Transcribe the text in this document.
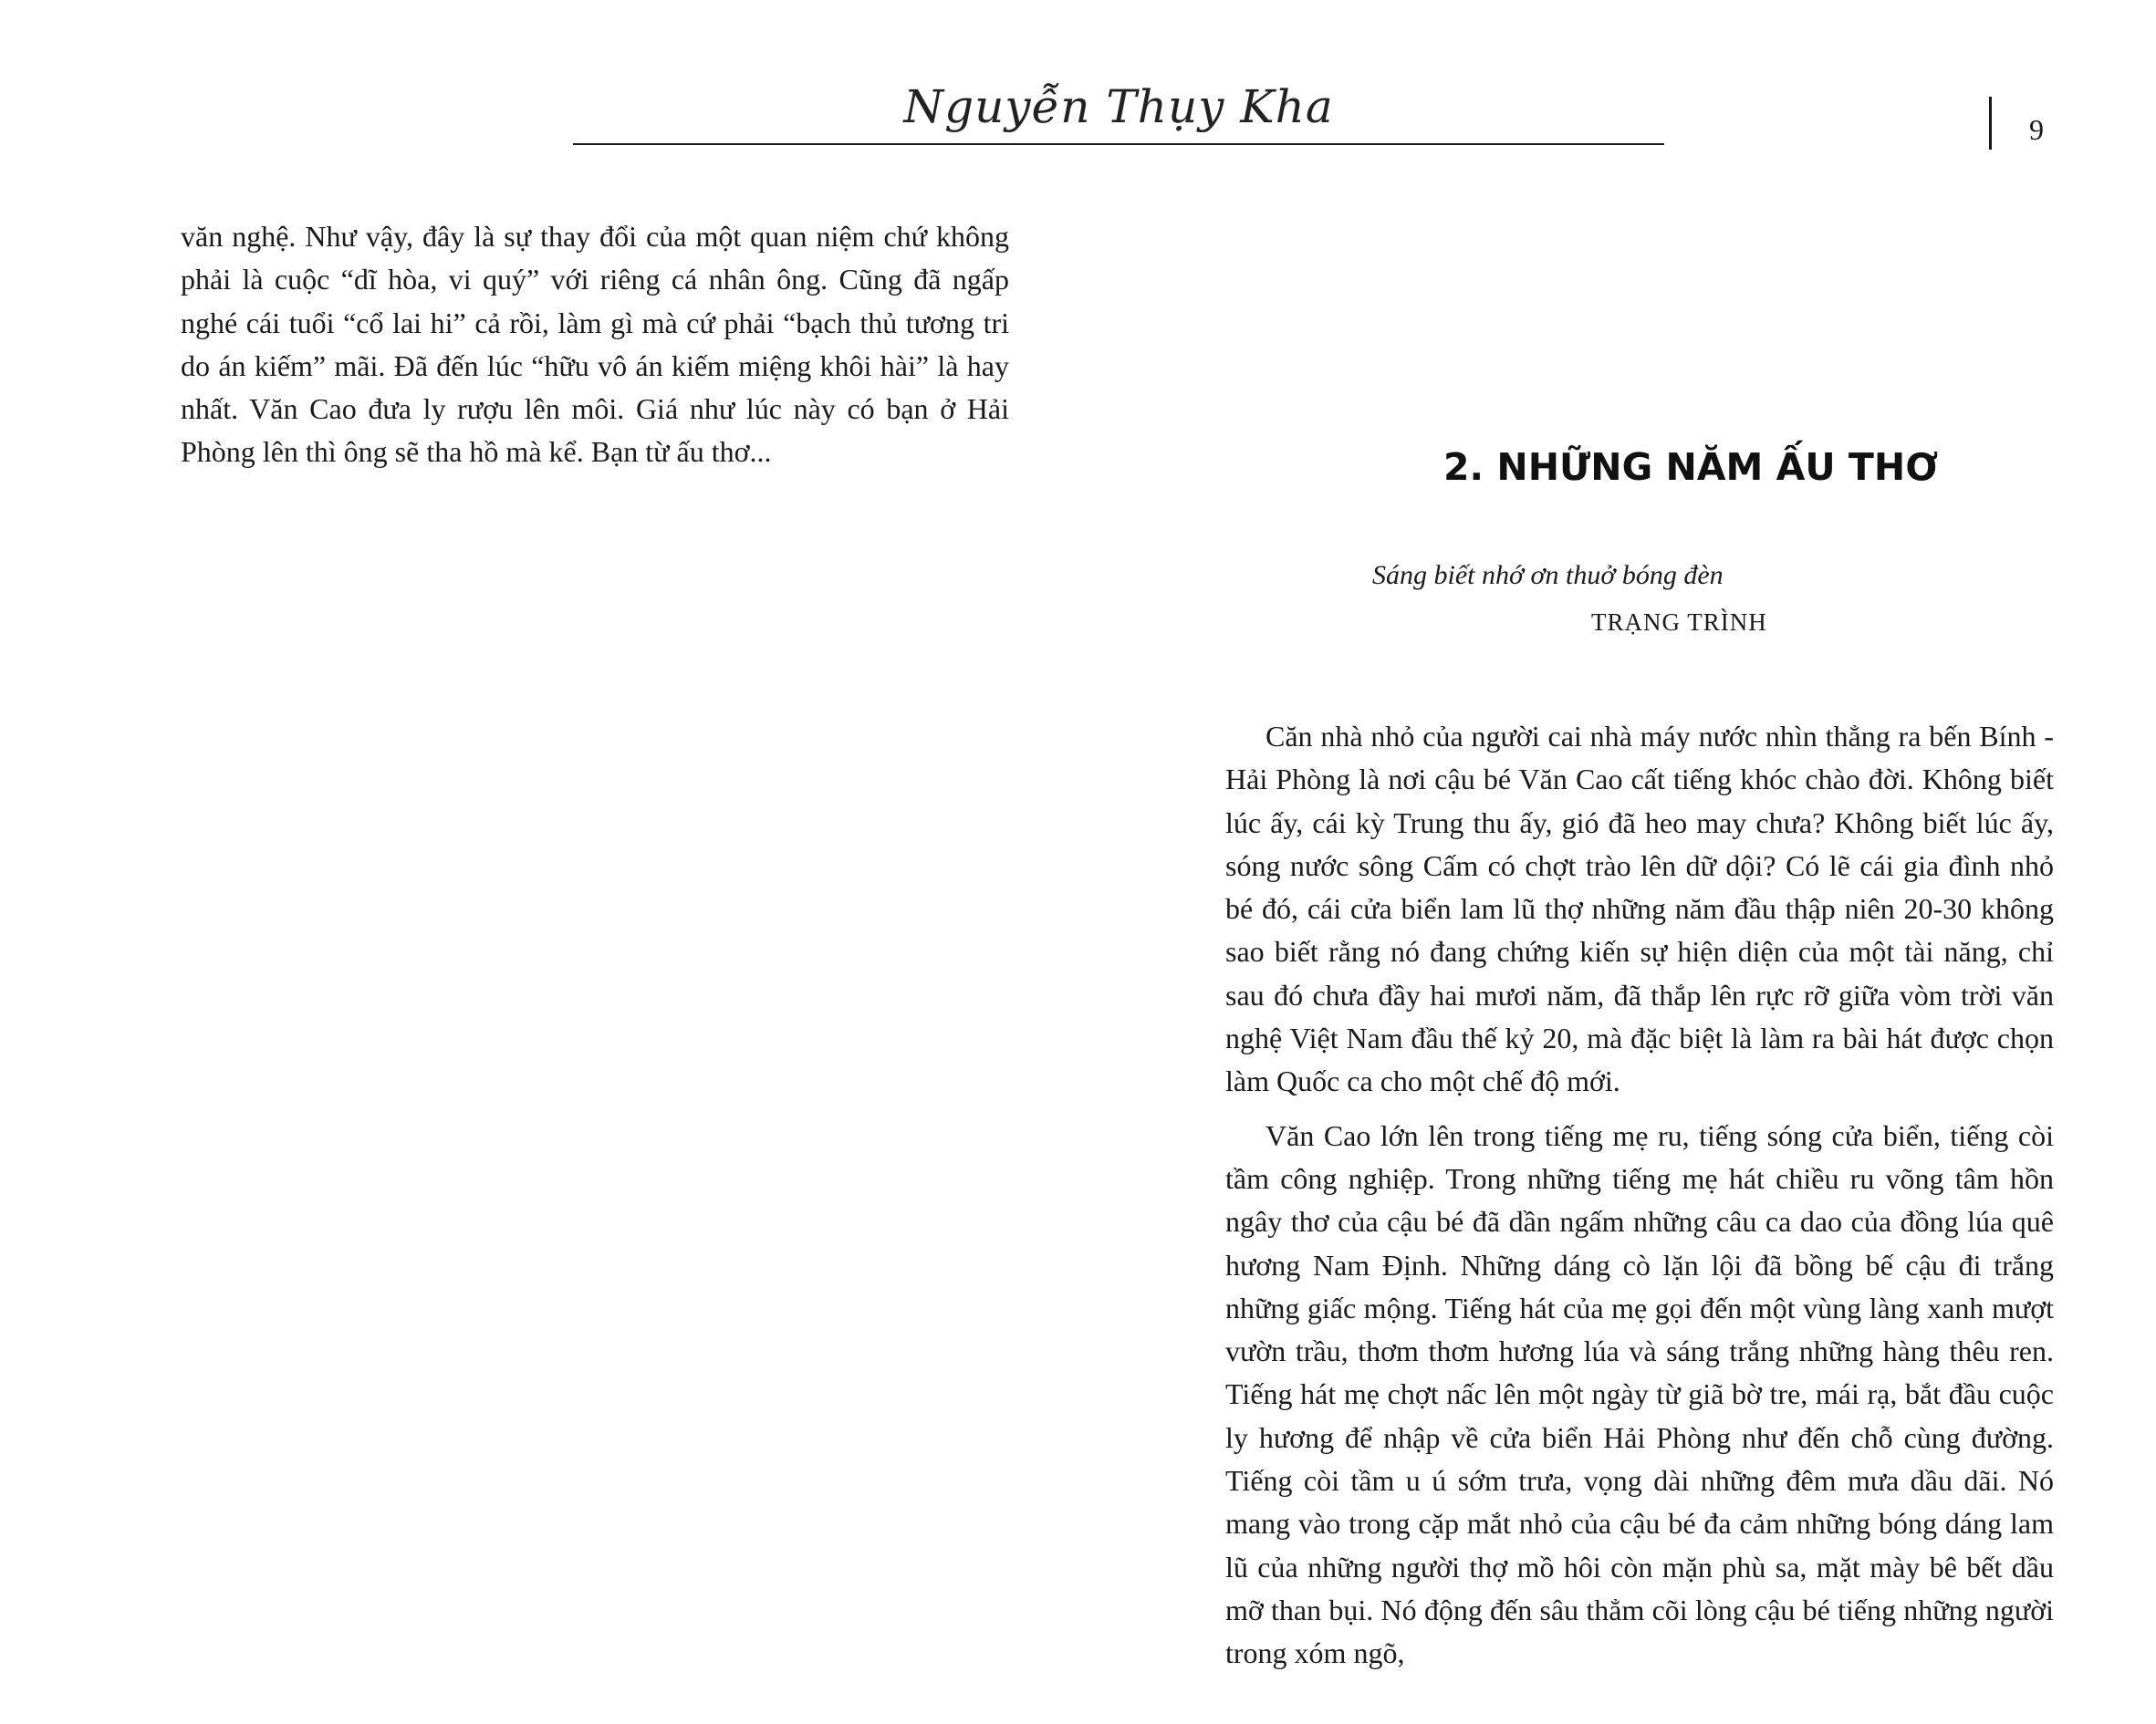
Nguyễn Thụy Kha	9

văn nghệ. Như vậy, đây là sự thay đổi của một quan niệm chứ không phải là cuộc “dĩ hòa, vi quý” với riêng cá nhân ông. Cũng đã ngấp nghé cái tuổi “cổ lai hi” cả rồi, làm gì mà cứ phải “bạch thủ tương tri do án kiếm” mãi. Đã đến lúc “hữu vô án kiếm miệng khôi hài” là hay nhất. Văn Cao đưa ly rượu lên môi. Giá như lúc này có bạn ở Hải Phòng lên thì ông sẽ tha hồ mà kể. Bạn từ ấu thơ...	2. NHỮNG NĂM ẤU THƠ
Sáng biết nhớ ơn thuở bóng đèn
TRẠNG TRÌNH

Căn nhà nhỏ của người cai nhà máy nước nhìn thẳng ra bến Bính - Hải Phòng là nơi cậu bé Văn Cao cất tiếng khóc chào đời. Không biết lúc ấy, cái kỳ Trung thu ấy, gió đã heo may chưa? Không biết lúc ấy, sóng nước sông Cấm có chợt trào lên dữ dội? Có lẽ cái gia đình nhỏ bé đó, cái cửa biển lam lũ thợ những năm đầu thập niên 20-30 không sao biết rằng nó đang chứng kiến sự hiện diện của một tài năng, chỉ sau đó chưa đầy hai mươi năm, đã thắp lên rực rỡ giữa vòm trời văn nghệ Việt Nam đầu thế kỷ 20, mà đặc biệt là làm ra bài hát được chọn làm Quốc ca cho một chế độ mới.

Văn Cao lớn lên trong tiếng mẹ ru, tiếng sóng cửa biển, tiếng còi tầm công nghiệp. Trong những tiếng mẹ hát chiều ru võng tâm hồn ngây thơ của cậu bé đã dần ngấm những câu ca dao của đồng lúa quê hương Nam Định. Những dáng cò lặn lội đã bồng bế cậu đi trắng những giấc mộng. Tiếng hát của mẹ gọi đến một vùng làng xanh mượt vườn trầu, thơm thơm hương lúa và sáng trắng những hàng thêu ren. Tiếng hát mẹ chợt nấc lên một ngày từ giã bờ tre, mái rạ, bắt đầu cuộc ly hương để nhập về cửa biển Hải Phòng như đến chỗ cùng đường. Tiếng còi tầm u ú sớm trưa, vọng dài những đêm mưa dầu dãi. Nó mang vào trong cặp mắt nhỏ của cậu bé đa cảm những bóng dáng lam lũ của những người thợ mồ hôi còn mặn phù sa, mặt mày bê bết dầu mỡ than bụi. Nó động đến sâu thẳm cõi lòng cậu bé tiếng những người trong xóm ngõ,
